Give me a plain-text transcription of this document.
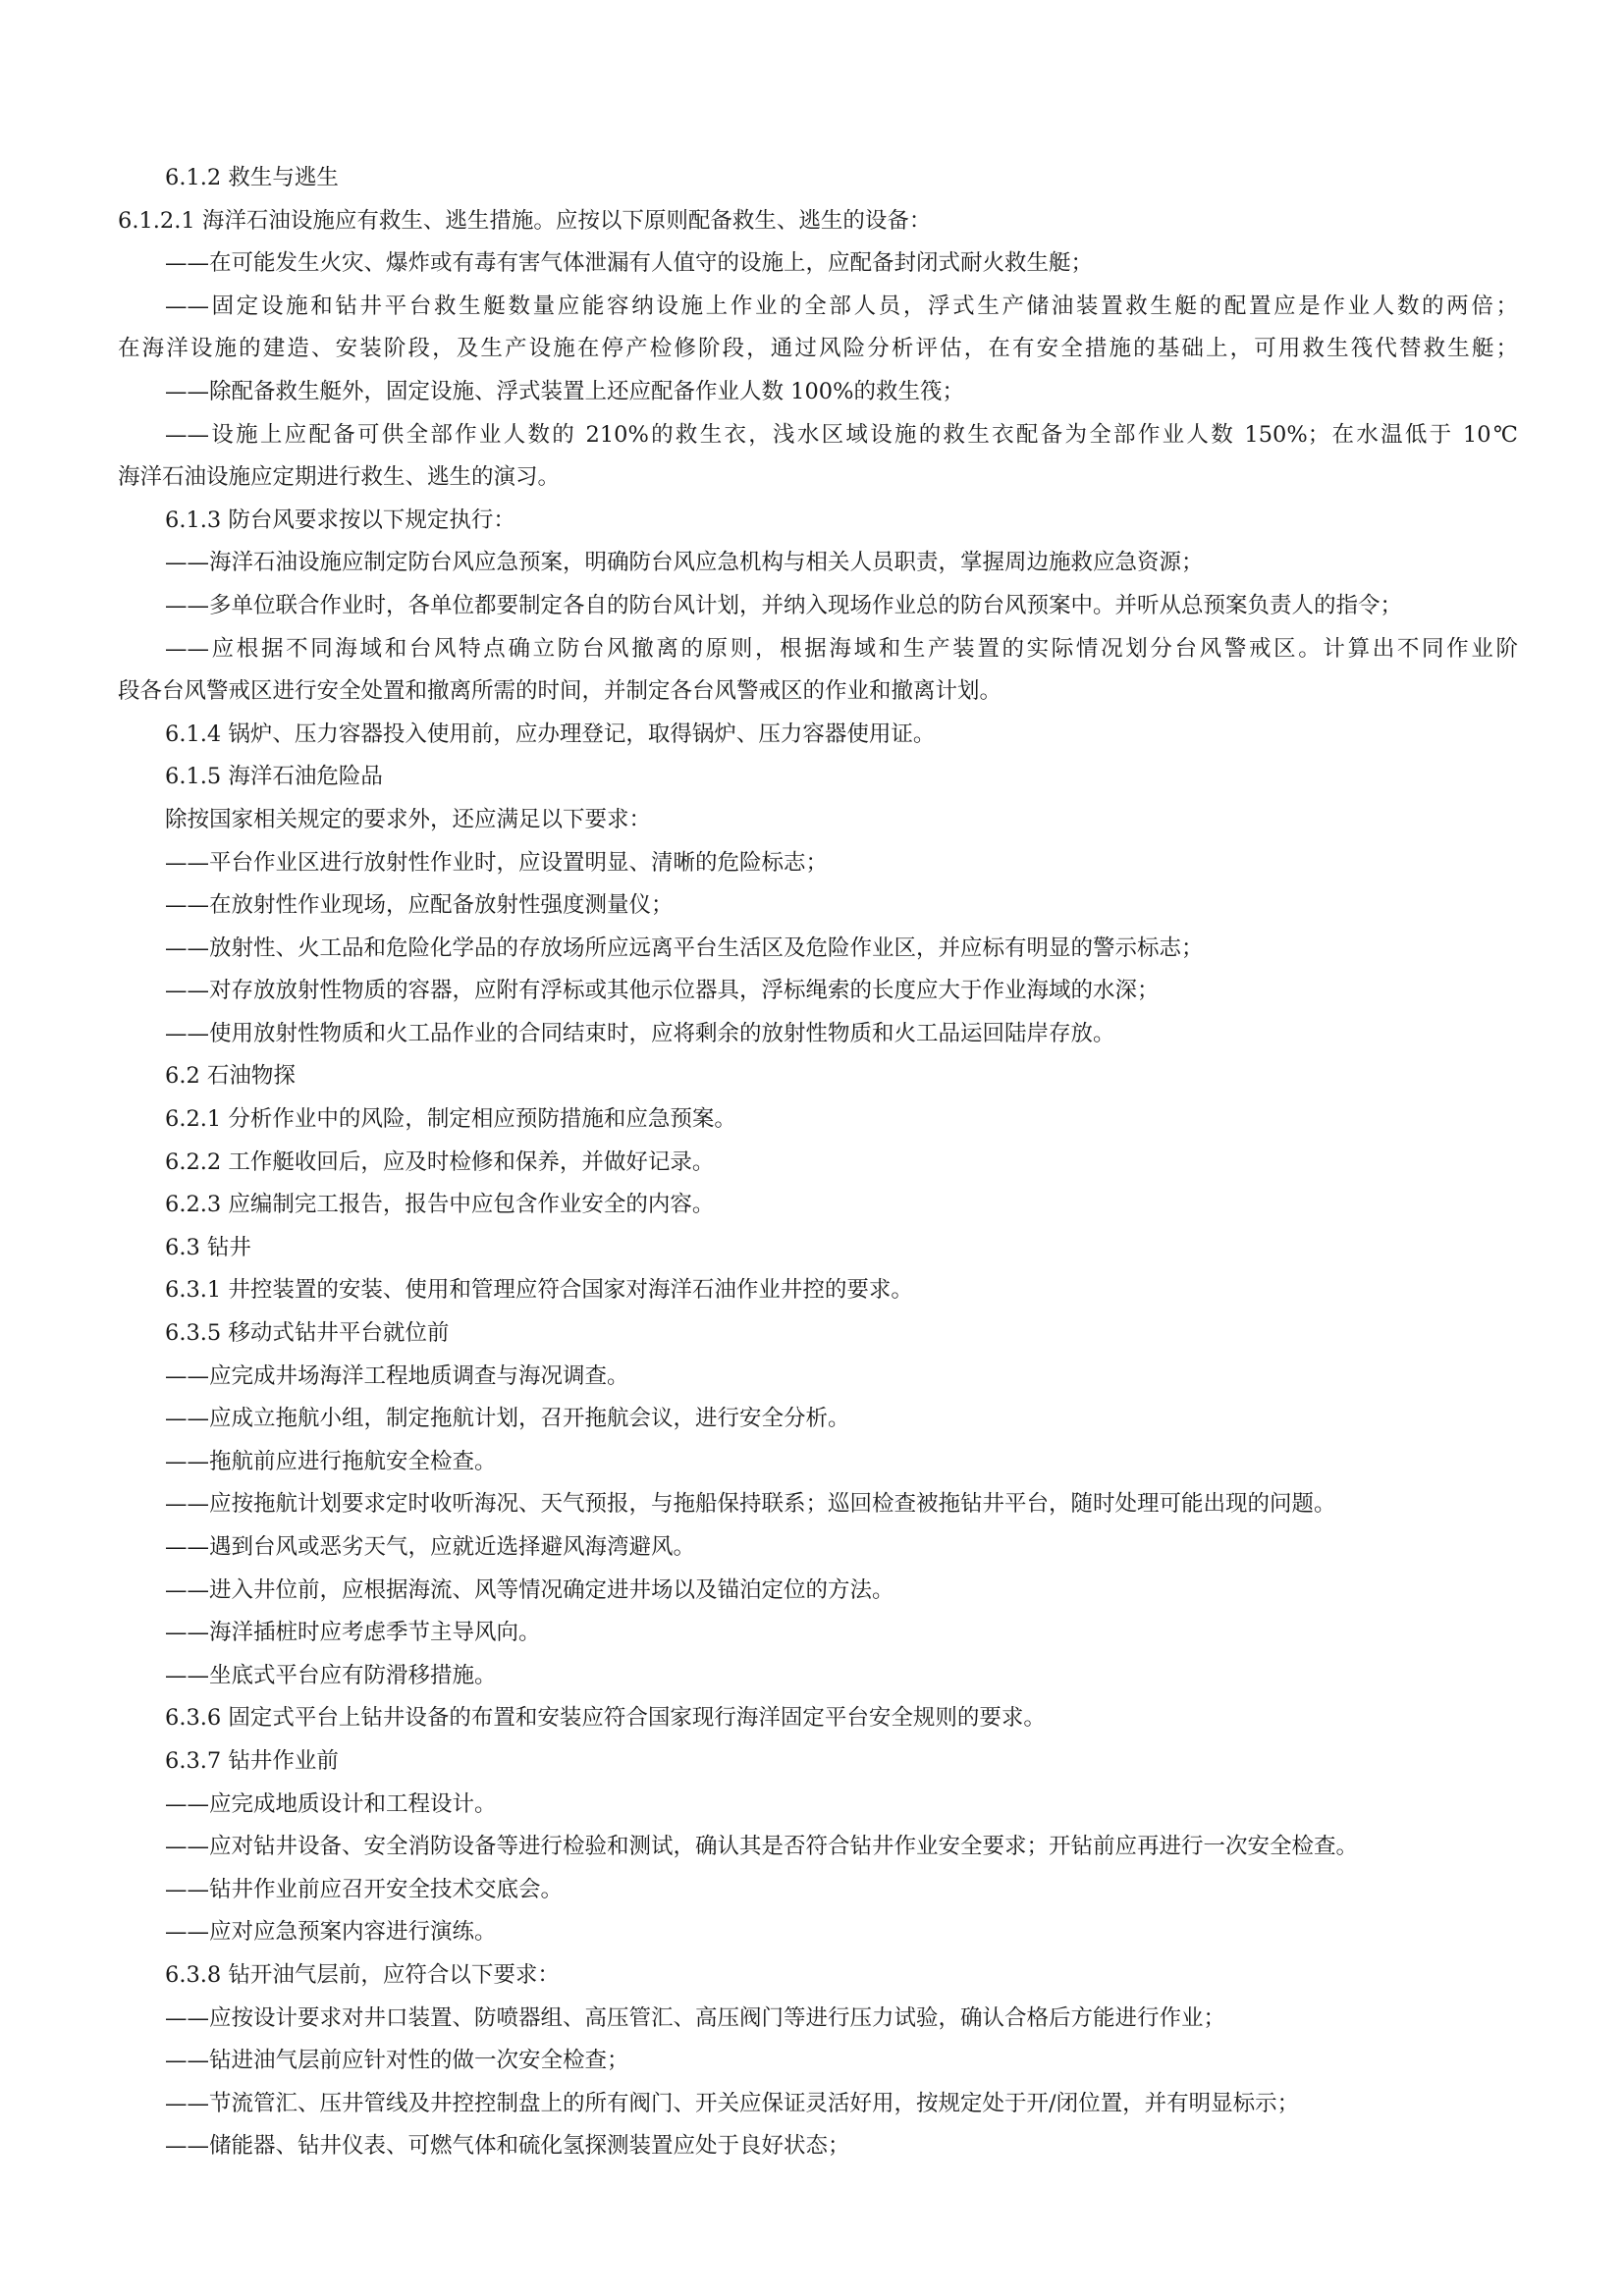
6.1.2 救生与逃生
6.1.2.1 海洋石油设施应有救生、逃生措施。应按以下原则配备救生、逃生的设备：
——在可能发生火灾、爆炸或有毒有害气体泄漏有人值守的设施上，应配备封闭式耐火救生艇；
——固定设施和钻井平台救生艇数量应能容纳设施上作业的全部人员，浮式生产储油装置救生艇的配置应是作业人数的两倍；
在海洋设施的建造、安装阶段，及生产设施在停产检修阶段，通过风险分析评估，在有安全措施的基础上，可用救生筏代替救生艇；
——除配备救生艇外，固定设施、浮式装置上还应配备作业人数 100%的救生筏；
——设施上应配备可供全部作业人数的 210%的救生衣，浅水区域设施的救生衣配备为全部作业人数 150%；在水温低于 10℃
海洋石油设施应定期进行救生、逃生的演习。
6.1.3 防台风要求按以下规定执行：
——海洋石油设施应制定防台风应急预案，明确防台风应急机构与相关人员职责，掌握周边施救应急资源；
——多单位联合作业时，各单位都要制定各自的防台风计划，并纳入现场作业总的防台风预案中。并听从总预案负责人的指令；
——应根据不同海域和台风特点确立防台风撤离的原则，根据海域和生产装置的实际情况划分台风警戒区。计算出不同作业阶
段各台风警戒区进行安全处置和撤离所需的时间，并制定各台风警戒区的作业和撤离计划。
6.1.4 锅炉、压力容器投入使用前，应办理登记，取得锅炉、压力容器使用证。
6.1.5 海洋石油危险品
除按国家相关规定的要求外，还应满足以下要求：
——平台作业区进行放射性作业时，应设置明显、清晰的危险标志；
——在放射性作业现场，应配备放射性强度测量仪；
——放射性、火工品和危险化学品的存放场所应远离平台生活区及危险作业区，并应标有明显的警示标志；
——对存放放射性物质的容器，应附有浮标或其他示位器具，浮标绳索的长度应大于作业海域的水深；
——使用放射性物质和火工品作业的合同结束时，应将剩余的放射性物质和火工品运回陆岸存放。
6.2 石油物探
6.2.1 分析作业中的风险，制定相应预防措施和应急预案。
6.2.2 工作艇收回后，应及时检修和保养，并做好记录。
6.2.3 应编制完工报告，报告中应包含作业安全的内容。
6.3 钻井
6.3.1 井控装置的安装、使用和管理应符合国家对海洋石油作业井控的要求。
6.3.5 移动式钻井平台就位前
——应完成井场海洋工程地质调查与海况调查。
——应成立拖航小组，制定拖航计划，召开拖航会议，进行安全分析。
——拖航前应进行拖航安全检查。
——应按拖航计划要求定时收听海况、天气预报，与拖船保持联系；巡回检查被拖钻井平台，随时处理可能出现的问题。
——遇到台风或恶劣天气，应就近选择避风海湾避风。
——进入井位前，应根据海流、风等情况确定进井场以及锚泊定位的方法。
——海洋插桩时应考虑季节主导风向。
——坐底式平台应有防滑移措施。
6.3.6 固定式平台上钻井设备的布置和安装应符合国家现行海洋固定平台安全规则的要求。
6.3.7 钻井作业前
——应完成地质设计和工程设计。
——应对钻井设备、安全消防设备等进行检验和测试，确认其是否符合钻井作业安全要求；开钻前应再进行一次安全检查。
——钻井作业前应召开安全技术交底会。
——应对应急预案内容进行演练。
6.3.8 钻开油气层前，应符合以下要求：
——应按设计要求对井口装置、防喷器组、高压管汇、高压阀门等进行压力试验，确认合格后方能进行作业；
——钻进油气层前应针对性的做一次安全检查；
——节流管汇、压井管线及井控控制盘上的所有阀门、开关应保证灵活好用，按规定处于开/闭位置，并有明显标示；
——储能器、钻井仪表、可燃气体和硫化氢探测装置应处于良好状态；
